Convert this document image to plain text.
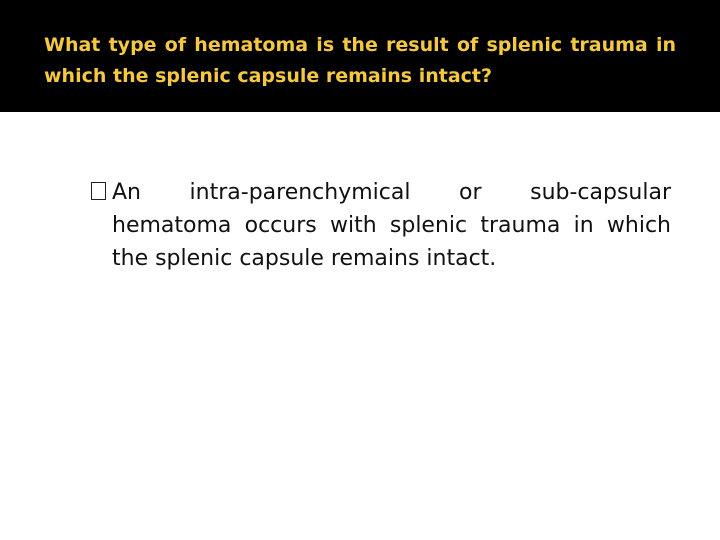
What type of hematoma is the result of splenic trauma in which the splenic capsule remains intact?

An intra-parenchymical or sub-capsular hematoma occurs with splenic trauma in which the splenic capsule remains intact.
